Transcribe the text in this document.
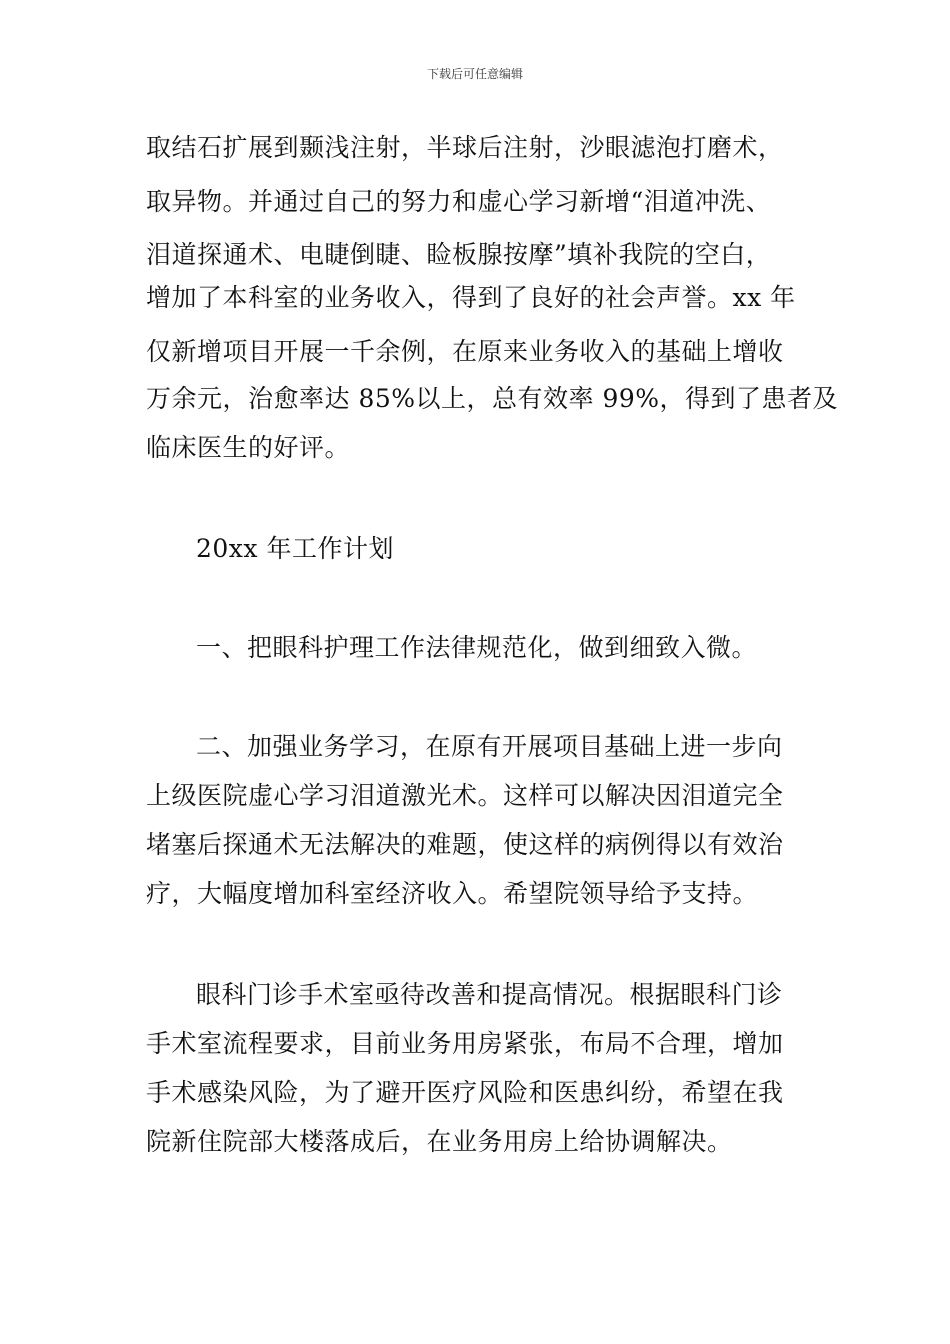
下载后可任意编辑
取结石扩展到颞浅注射，半球后注射，沙眼滤泡打磨术，
取异物。并通过自己的努力和虚心学习新增“泪道冲洗、
泪道探通术、电睫倒睫、睑板腺按摩”填补我院的空白，
增加了本科室的业务收入，得到了良好的社会声誉。xx 年
仅新增项目开展一千余例，在原来业务收入的基础上增收
万余元，治愈率达 85%以上，总有效率 99%，得到了患者及
临床医生的好评。
20xx 年工作计划
一、把眼科护理工作法律规范化，做到细致入微。
二、加强业务学习，在原有开展项目基础上进一步向
上级医院虚心学习泪道激光术。这样可以解决因泪道完全
堵塞后探通术无法解决的难题，使这样的病例得以有效治
疗，大幅度增加科室经济收入。希望院领导给予支持。
眼科门诊手术室亟待改善和提高情况。根据眼科门诊
手术室流程要求，目前业务用房紧张，布局不合理，增加
手术感染风险，为了避开医疗风险和医患纠纷，希望在我
院新住院部大楼落成后，在业务用房上给协调解决。
